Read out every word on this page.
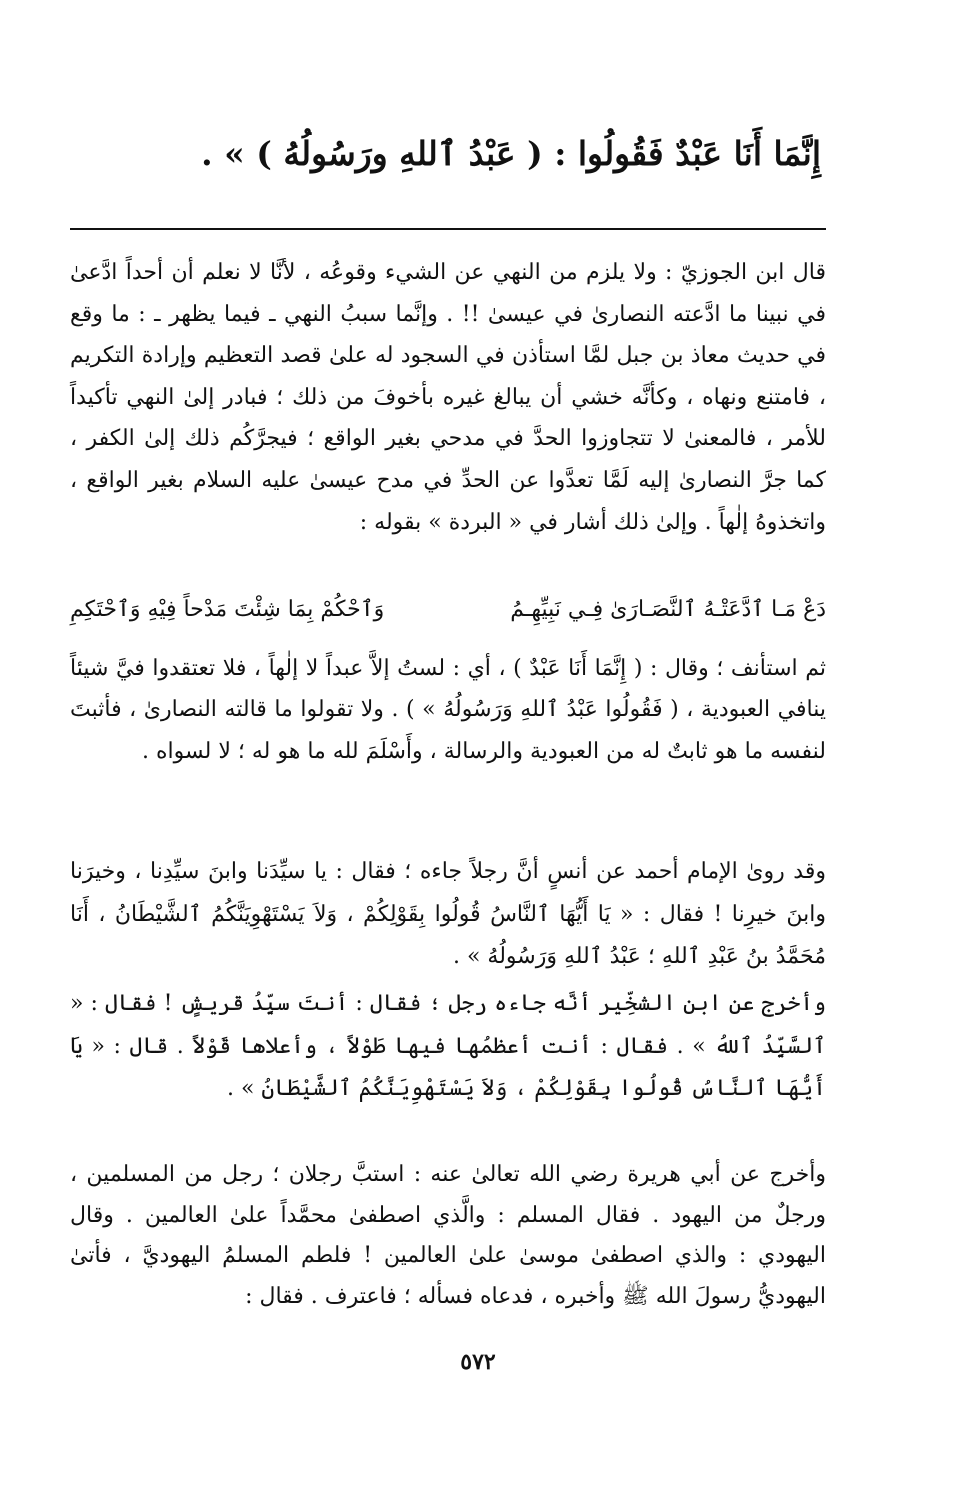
إِنَّمَا أَنَا عَبْدٌ فَقُولُوا : ( عَبْدُ ٱللهِ ورَسُولُهُ ) » .

قال ابن الجوزيّ : ولا يلزم من النهي عن الشيء وقوعُه ، لأنَّا لا نعلم أن أحداً ادَّعىٰ في نبينا ما ادَّعته النصارىٰ في عيسىٰ !! . وإنَّما سببُ النهي ـ فيما يظهر ـ : ما وقع في حديث معاذ بن جبل لمَّا استأذن في السجود له علىٰ قصد التعظيم وإرادة التكريم ، فامتنع ونهاه ، وكأنَّه خشي أن يبالغ غيره بأخوفَ من ذلك ؛ فبادر إلىٰ النهي تأكيداً للأمر ، فالمعنىٰ لا تتجاوزوا الحدَّ في مدحي بغير الواقع ؛ فيجرَّكُم ذلك إلىٰ الكفر ، كما جرَّ النصارىٰ إليه لَمَّا تعدَّوا عن الحدِّ في مدح عيسىٰ عليه السلام بغير الواقع ، واتخذوهُ إلٰهاً . وإلىٰ ذلك أشار في « البردة » بقوله :

دَعْ مَـا ٱدَّعَتْـهُ ٱلنَّصَـارَىٰ فِـي نَبِيِّهِـمُ
وَٱحْكُمْ بِمَا شِئْتَ مَدْحاً فِيْهِ وَٱحْتَكِمِ

ثم استأنف ؛ وقال : ( إِنَّمَا أَنَا عَبْدٌ ) ، أي : لستُ إلاَّ عبداً لا إلٰهاً ، فلا تعتقدوا فيَّ شيئاً ينافي العبودية ، ( فَقُولُوا عَبْدُ ٱللهِ وَرَسُولُهُ » ) . ولا تقولوا ما قالته النصارىٰ ، فأثبتَ لنفسه ما هو ثابتٌ له من العبودية والرسالة ، وأَسْلَمَ لله ما هو له ؛ لا لسواه .

وقد روىٰ الإمام أحمد عن أنسٍ أنَّ رجلاً جاءه ؛ فقال : يا سيِّدَنا وابنَ سيِّدِنا ، وخيرَنا وابنَ خيرِنا ! فقال : « يَا أَيُّهَا ٱلنَّاسُ قُولُوا بِقَوْلِكُمْ ، وَلاَ يَسْتَهْوِيَنَّكُمُ ٱلشَّيْطَانُ ، أَنَا مُحَمَّدُ بنُ عَبْدِ ٱللهِ ؛ عَبْدُ ٱللهِ وَرَسُولُهُ » .

وأخرج عن ابن الشخِّير أنَّه جاءه رجل ؛ فقال : أنتَ سيِّدُ قريشٍ ! فقال : « ٱلسَّيِّدُ ٱللهُ » . فقال : أنت أعظمُها فيها طَوْلاً ، وأعلاها قَوْلاً . قال : « يَا أَيُّهَا ٱلنَّاسُ قُولُوا بِقَوْلِكُمْ ، وَلاَ يَسْتَهْوِيَنَّكُمُ ٱلشَّيْطَانُ » .

وأخرج عن أبي هريرة رضي الله تعالىٰ عنه : استبَّ رجلان ؛ رجل من المسلمين ، ورجلٌ من اليهود . فقال المسلم : والَّذي اصطفىٰ محمَّداً علىٰ العالمين . وقال اليهودي : والذي اصطفىٰ موسىٰ علىٰ العالمين ! فلطم المسلمُ اليهوديَّ ، فأتىٰ اليهوديُّ رسولَ الله ﷺ وأخبره ، فدعاه فسأله ؛ فاعترف . فقال :

٥٧٢
